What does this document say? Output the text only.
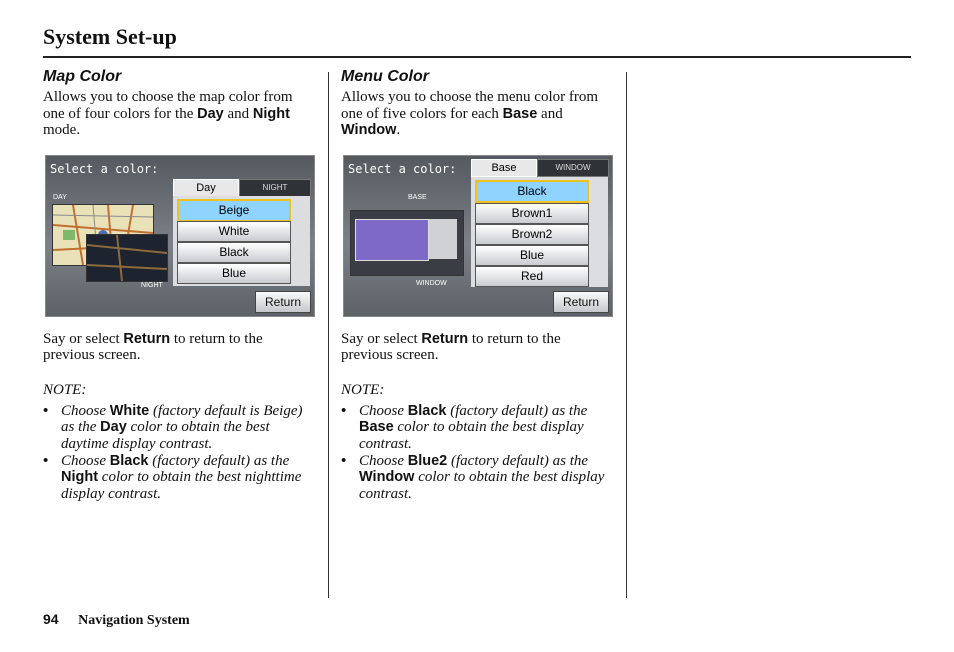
System Set-up
Map Color

Allows you to choose the map color from one of four colors for the Day and Night mode.

Select a color:
DAY
NIGHT
Day	NIGHT
Beige
White
Black
Blue
Return

Say or select Return to return to the previous screen.

NOTE:
• Choose White (factory default is Beige) as the Day color to obtain the best daytime display contrast.
• Choose Black (factory default) as the Night color to obtain the best nighttime display contrast.
Menu Color

Allows you to choose the menu color from one of five colors for each Base and Window.

Select a color:
BASE
WINDOW
Base	WINDOW
Black
Brown1
Brown2
Blue
Red
Return

Say or select Return to return to the previous screen.

NOTE:
• Choose Black (factory default) as the Base color to obtain the best display contrast.
• Choose Blue2 (factory default) as the Window color to obtain the best display contrast.
94 Navigation System
